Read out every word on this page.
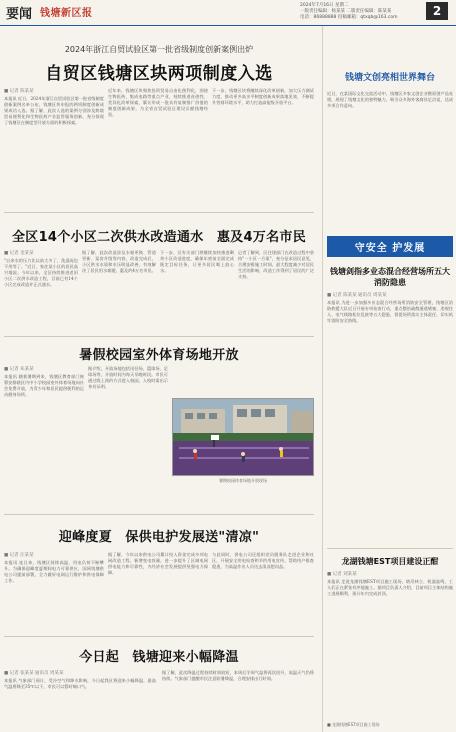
要闻 钱塘新区报
2024年7月16日 星期二
一版责任编辑：杨某某 二版责任编辑：陈某某
电话：86888888 投稿邮箱：qtxqb@163.com	2
2024年浙江自贸试验区第一批省级制度创新案例出炉
自贸区钱塘区块两项制度入选
■ 记者 陈某某
本报讯 近日，2024年浙江自贸试验区第一批省级制度创新案例名单公布，钱塘区块申报的两项制度创新成果成功入选。据了解，此次入选的案例分别涉及跨境贸易便利化和生物医药产业监管服务创新，充分体现了钱塘区在制度型开放方面的积极探索。
近年来，钱塘区块聚焦投资贸易自由化便利化，围绕生物医药、集成电路等重点产业，持续推进首创性、差异化改革探索，累计形成一批具有复制推广价值的制度创新成果，为全省自贸试验区建设贡献钱塘经验。
下一步，钱塘区块将继续深化改革创新，加大压力测试力度，推动更多高水平制度创新成果落地见效，不断提升营商环境水平，助力打造高能级开放平台。
全区14个小区二次供水改造通水　惠及4万名市民
■ 记者 金某某
"自来水的压力比以前大多了，洗澡再也不用等了。"近日，家住某小区的居民高兴地说。今年以来，全区持续推进老旧小区二次供水改造工程，目前已有14个小区完成改造并正式通水。
据了解，此次改造涉及水箱更换、管道更新、泵房升级等内容，改造完成后，小区供水水质和水压明显改善，有效解决了居民用水难题，惠及约4万名市民。
下一步，区有关部门将继续加快推进剩余小区改造进度，确保年底前全面完成既定目标任务，让更多居民喝上放心水。
记者了解到，区住建部门在改造过程中坚持"一小区一方案"，充分征求居民意见，合理安排施工时间，最大程度减少对居民生活的影响，改造工作得到了居民的广泛支持。
暑假校园室外体育场地开放
■ 记者 朱某某
本报讯 随着暑期到来，钱塘区教育部门统筹安排辖区内中小学校园室外体育场地向社会免费开放，为青少年和居民提供便利的运动健身场所。
据介绍，开放场地包括田径场、篮球场、足球场等，开放时间为每天早晚时段。市民可通过线上预约方式进入校园，入校时需出示身份证明。
暑期校园体育场地开放现场
迎峰度夏　保供电护发展送"清凉"
■ 记者 汪某某
本报讯 连日来，钱塘区持续高温，用电负荷不断攀升。为确保迎峰度夏期间电力可靠供应，国网钱塘供电公司提前部署，全力做好电网运行维护和供电保障工作。
据了解，今年以来供电公司累计投入资金完成多项电网改造工程，新增变电容量，进一步提升了区域电网供电能力和可靠性，为经济社会发展提供坚强电力保障。
与此同时，供电公司还组织党员服务队走进企业和社区，开展安全用电检查和节约用电宣传，帮助用户排查隐患，为高温作业人员送去清凉慰问品。
今日起　钱塘迎来小幅降温
■ 记者 张某某 通讯员 周某某
本报讯 气象部门预计，受冷空气和降水影响，今日起我区将迎来小幅降温，最高气温将降至35℃以下，市民可以暂时喘口气。
据了解，此次降温过程持续时间较短，本周后半周气温将再次回升，高温天气仍将持续。气象部门提醒市民注意防暑降温，合理安排出行时间。
钱塘文创亮相世界舞台
近日，在某国际文化交流活动中，钱塘区多家文创企业携原创产品亮相，展现了钱塘文化的独特魅力，吸引众多海外客商驻足洽谈，达成多项合作意向。
守安全 护发展
钱塘剑指多业态混合经营场所五大消防隐患
■ 记者 陈某某 通讯员 周某某
本报讯 为进一步加强多业态混合经营场所消防安全管理，钱塘区消防救援大队近日开展专项检查行动，重点整治疏散通道堵塞、违规住人、电气线路私拉乱接等五大隐患，督促场所落实主体责任，切实筑牢消防安全防线。
龙湖钱塘EST项目建设正酣
■ 记者 刘某某
本报讯 走进龙湖钱塘EST项目施工现场，塔吊林立、机器轰鸣，工人们正在紧张有序地施工。据项目负责人介绍，目前项目主体结构施工进展顺利，预计年内完成封顶。
■ 龙湖钱塘EST项目施工现场
